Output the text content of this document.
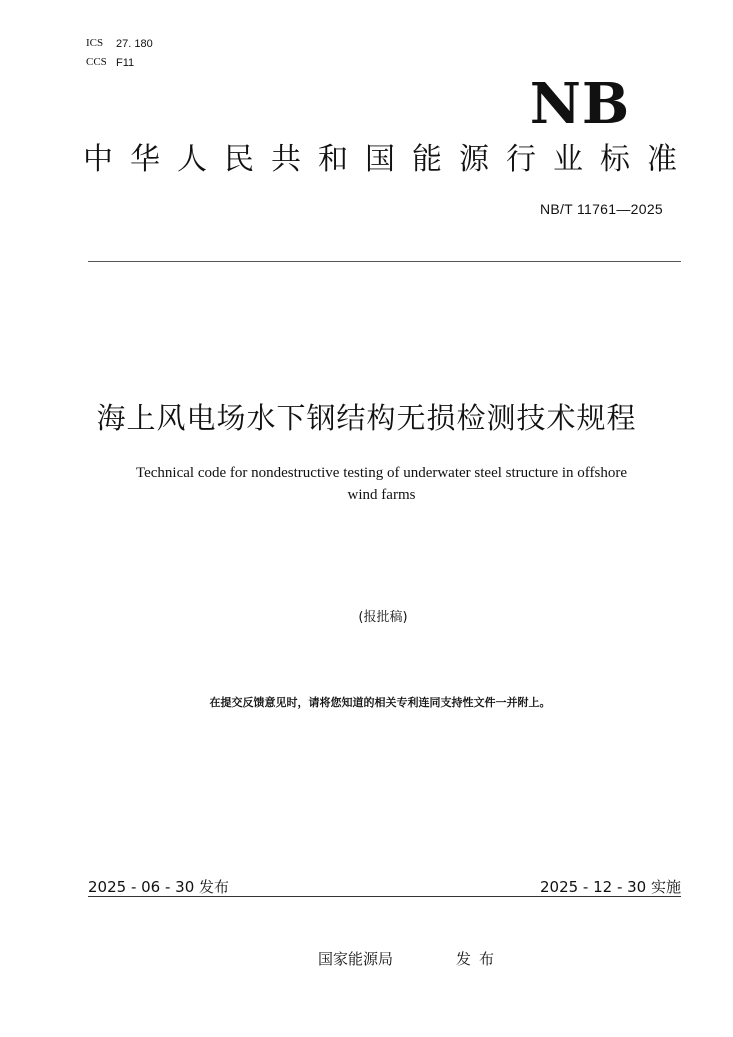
ICS 27. 180
CCS F11
NB
中华人民共和国能源行业标准
NB/T 11761—2025
海上风电场水下钢结构无损检测技术规程
Technical code for nondestructive testing of underwater steel structure in offshore
wind farms
(报批稿)
在提交反馈意见时，请将您知道的相关专利连同支持性文件一并附上。
2025 - 06 - 30 发布	2025 - 12 - 30 实施
国家能源局	发布
